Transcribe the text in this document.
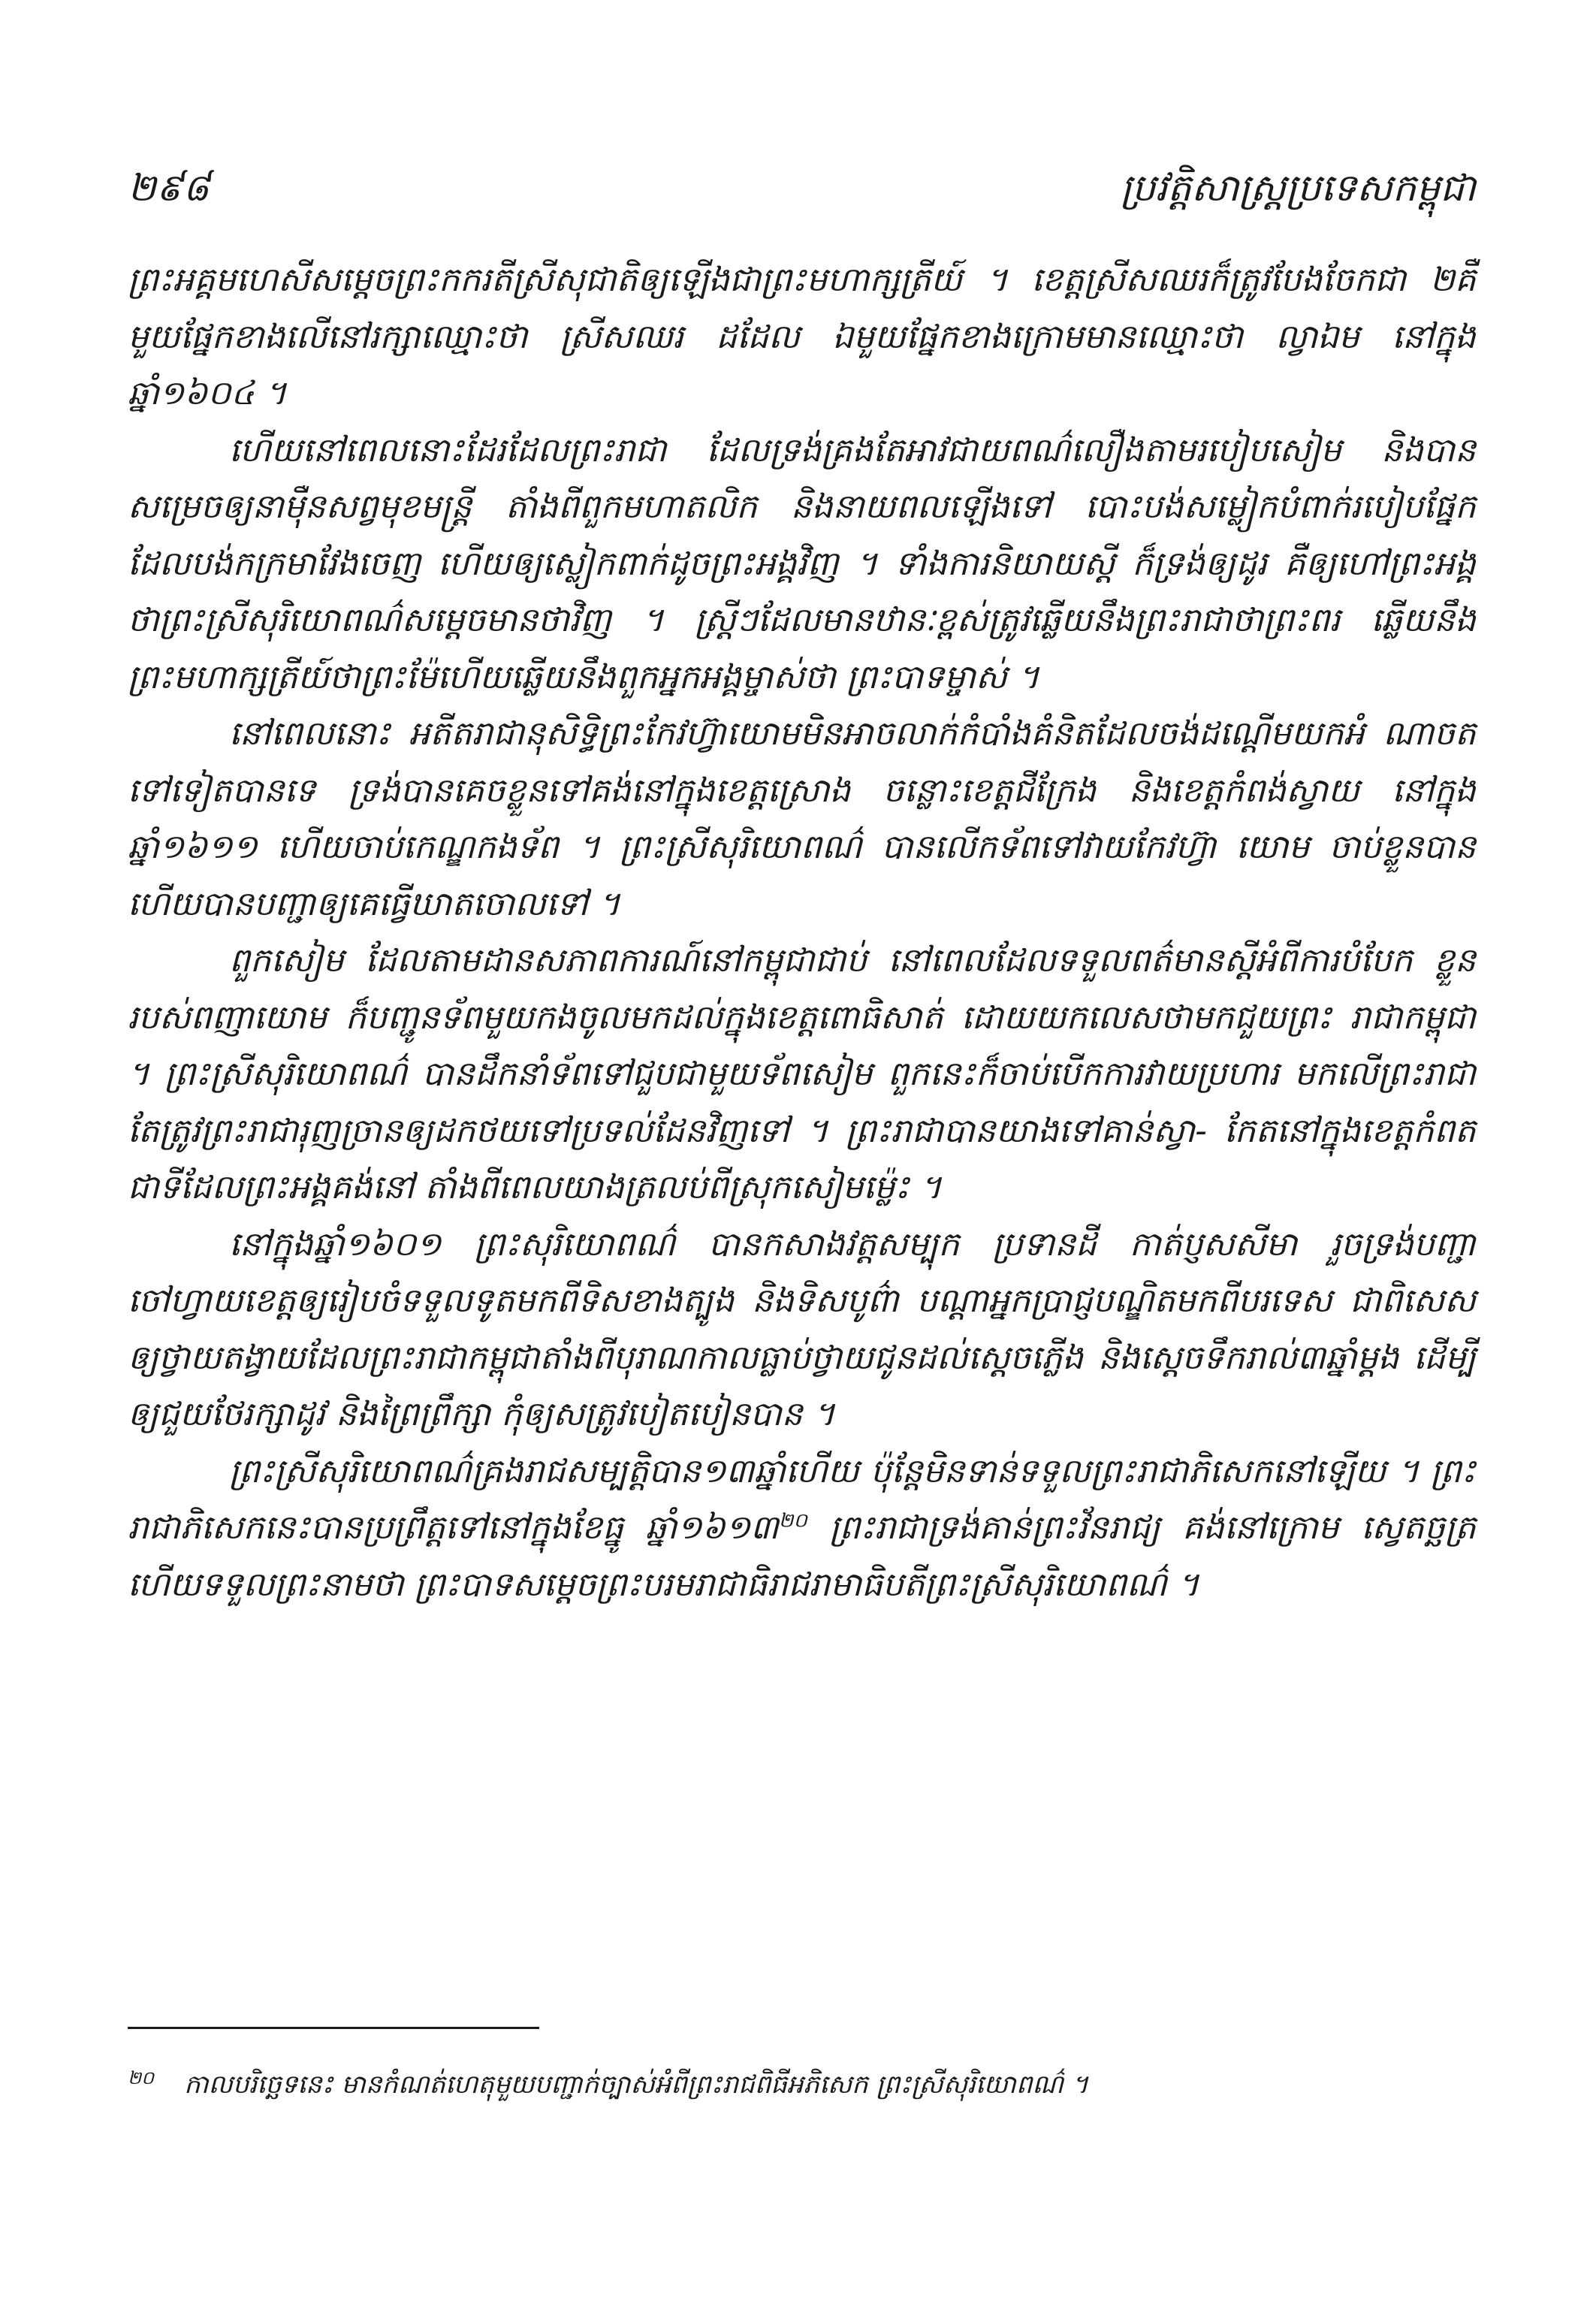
២៩៨	ប្រវត្តិសាស្ត្រប្រទេសកម្ពុជា

ព្រះអគ្គមហេសីសម្តេចព្រះកករតីស្រីសុជាតិឲ្យឡើងជាព្រះមហាក្សត្រីយ៍ ។ ខេត្តស្រីសឈរក៏ត្រូវបែងចែកជា ២គឺ មួយផ្នែកខាងលើនៅរក្សាឈ្មោះថា ស្រីសឈរ ដដែល ឯមួយផ្នែកខាងក្រោមមានឈ្មោះថា ល្វាឯម នៅក្នុងឆ្នាំ១៦០៤ ។

ហើយនៅពេលនោះដែរដែលព្រះរាជា ដែលទ្រង់គ្រងតែអាវជាយពណ៌លឿងតាមរបៀបសៀម និងបាន សម្រេចឲ្យនាម៉ឺនសព្វមុខមន្ត្រី តាំងពីពួកមហាតលិក និងនាយពលឡើងទៅ បោះបង់សម្លៀកបំពាក់របៀបផ្នែក ដែលបង់កក្រមាវែងចេញ ហើយឲ្យស្លៀកពាក់ដូចព្រះអង្គវិញ ។ ទាំងការនិយាយស្តី ក៏ទ្រង់ឲ្យដូរ គឺឲ្យហៅព្រះអង្គ ថាព្រះស្រីសុរិយោពណ៌សម្តេចមានថាវិញ ។ ស្ត្រីៗដែលមានឋានៈខ្ពស់ត្រូវឆ្លើយនឹងព្រះរាជាថាព្រះពរ ឆ្លើយនឹង ព្រះមហាក្សត្រីយ៍ថាព្រះម៉ែហើយឆ្លើយនឹងពួកអ្នកអង្គម្ចាស់ថា ព្រះបាទម្ចាស់ ។

នៅពេលនោះ អតីតរាជានុសិទ្ធិព្រះកែវហ៊្វាយោមមិនអាចលាក់កំបាំងគំនិតដែលចង់ដណ្តើមយកអំ ណាចតទៅទៀតបានទេ ទ្រង់បានគេចខ្លួនទៅគង់នៅក្នុងខេត្តស្រោង ចន្លោះខេត្តជីក្រែង និងខេត្តកំពង់ស្វាយ នៅក្នុងឆ្នាំ១៦១១ ហើយចាប់កេណ្ឌកងទ័ព ។ ព្រះស្រីសុរិយោពណ៌ បានលើកទ័ពទៅវាយកែវហ៊្វា យោម ចាប់ខ្លួនបាន ហើយបានបញ្ជាឲ្យគេធ្វើឃាតចោលទៅ ។

ពួកសៀម ដែលតាមដានសភាពការណ៍នៅកម្ពុជាជាប់ នៅពេលដែលទទួលពត៌មានស្តីអំពីការបំបែក ខ្លួនរបស់ពញាយោម ក៏បញ្ជូនទ័ពមួយកងចូលមកដល់ក្នុងខេត្តពោធិសាត់ ដោយយកលេសថាមកជួយព្រះ រាជាកម្ពុជា ។ ព្រះស្រីសុរិយោពណ៌ បានដឹកនាំទ័ពទៅជួបជាមួយទ័ពសៀម ពួកនេះក៏ចាប់បើកការវាយប្រហារ មកលើព្រះរាជា តែត្រូវព្រះរាជារុញច្រានឲ្យដកថយទៅប្រទល់ដែនវិញទៅ ។ ព្រះរាជាបានយាងទៅគាន់ស្វា- កែតនៅក្នុងខេត្តកំពត ជាទីដែលព្រះអង្គគង់នៅ តាំងពីពេលយាងត្រលប់ពីស្រុកសៀមម៉្លេះ ។

នៅក្នុងឆ្នាំ១៦០១ ព្រះសុរិយោពណ៌ បានកសាងវត្តសម្បុក ប្រទានដី កាត់ប្ញសសីមា រួចទ្រង់បញ្ជា ចៅហ្វាយខេត្តឲ្យរៀបចំទទួលទូតមកពីទិសខាងត្បូង និងទិសបូព៌ា បណ្តាអ្នកប្រាជ្ញបណ្ឌិតមកពីបរទេស ជាពិសេស ឲ្យថ្វាយតង្វាយដែលព្រះរាជាកម្ពុជាតាំងពីបុរាណកាលធ្លាប់ថ្វាយជូនដល់ស្តេចភ្លើង និងស្តេចទឹករាល់៣ឆ្នាំម្តង ដើម្បីឲ្យជួយថែរក្សាដូវ និងព្រៃព្រឹក្សា កុំឲ្យសត្រូវបៀតបៀនបាន ។

ព្រះស្រីសុរិយោពណ៌គ្រងរាជសម្បត្តិបាន១៣ឆ្នាំហើយ ប៉ុន្តែមិនទាន់ទទួលព្រះរាជាភិសេកនៅឡើយ ។ ព្រះរាជាភិសេកនេះបានប្រព្រឹត្តទៅនៅក្នុងខែធ្នូ ឆ្នាំ១៦១៣$^{២០}$ ព្រះរាជាទ្រង់គាន់ព្រះវ័នរាជ្យ គង់នៅក្រោម ស្វេតច្ឆត្រ ហើយទទួលព្រះនាមថា ព្រះបាទសម្តេចព្រះបរមរាជាធិរាជរាមាធិបតីព្រះស្រីសុរិយោពណ៌ ។

$^{២០}$ កាលបរិច្ឆេទនេះ មានកំណត់ហេតុមួយបញ្ជាក់ច្បាស់អំពីព្រះរាជពិធីអភិសេក ព្រះស្រីសុរិយោពណ៌ ។
